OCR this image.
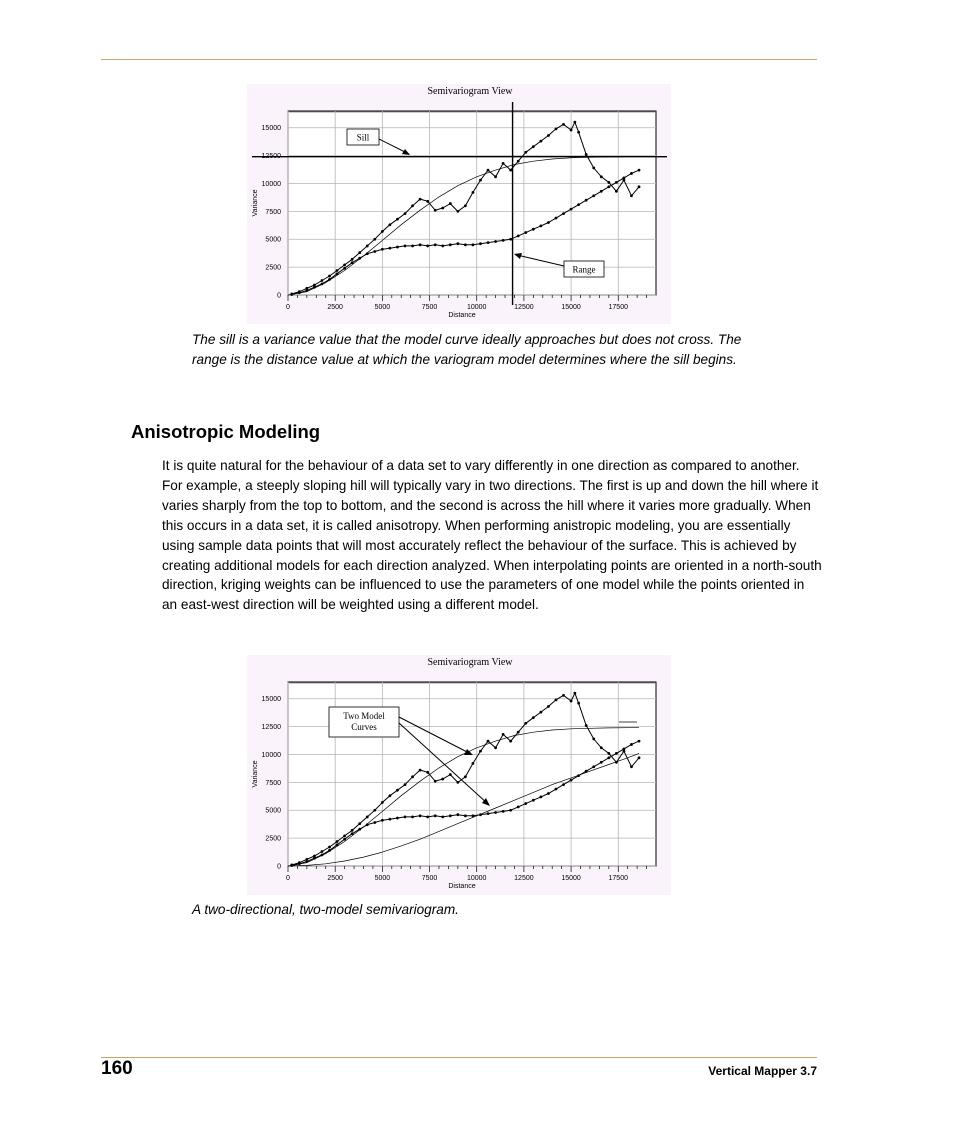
Semivariogram View
0
2500
5000
7500
10000
12500
15000
0	2500	5000	7500	10000	12500	15000	17500
Distance
Variance
Sill
Range
The sill is a variance value that the model curve ideally approaches but does not cross. The range is the distance value at which the variogram model determines where the sill begins.
Anisotropic Modeling
It is quite natural for the behaviour of a data set to vary differently in one direction as compared to another. For example, a steeply sloping hill will typically vary in two directions. The first is up and down the hill where it varies sharply from the top to bottom, and the second is across the hill where it varies more gradually. When this occurs in a data set, it is called anisotropy. When performing anistropic modeling, you are essentially using sample data points that will most accurately reflect the behaviour of the surface. This is achieved by creating additional models for each direction analyzed. When interpolating points are oriented in a north-south direction, kriging weights can be influenced to use the parameters of one model while the points oriented in an east-west direction will be weighted using a different model.
Semivariogram View
0
2500
5000
7500
10000
12500
15000
0	2500	5000	7500	10000	12500	15000	17500
Distance
Variance
Two Model Curves
A two-directional, two-model semivariogram.
160	Vertical Mapper 3.7
